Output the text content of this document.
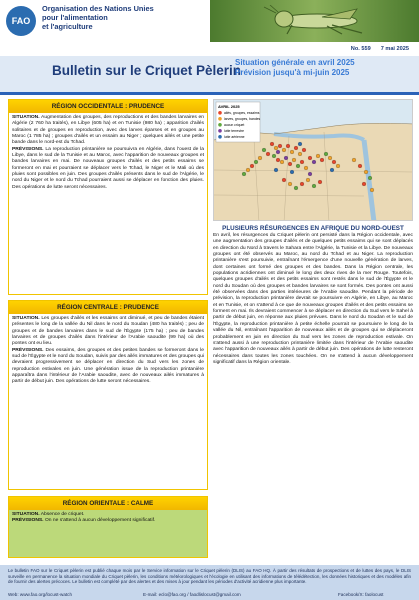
FAO
Organisation des Nations Unies
pour l'alimentation
et l'agriculture
No. 559 7 mai 2025
Bulletin sur le Criquet Pèlerin
Situation générale en avril 2025
Prévision jusqu'à mi-juin 2025
RÉGION OCCIDENTALE : PRUDENCE
SITUATION. Augmentation des groupes, des reproductions et des bandes larvaires en Algérie (2 760 ha traités), en Libye (605 ha) et en Tunisie (980 ha) ; apparition d'ailés solitaires et de groupes en reproduction, avec des larves éparses et en groupes au Maroc (1 785 ha) ; groupes d'ailés et un essaim au Niger ; quelques ailés et une petite bande dans le nord-est du Tchad.
PRÉVISIONS. La reproduction printanière se poursuivra en Algérie, dans l'ouest de la Libye, dans le sud de la Tunisie et au Maroc, avec l'apparition de nouveaux groupes et bandes larvaires en mai. De nouveaux groupes d'ailés et des petits essaims se formeront en mai et pourraient se déplacer vers le Tchad, le Niger et le Mali où des pluies sont possibles en juin. Des groupes d'ailés présents dans le sud de l'Algérie, le nord du Niger et le nord du Tchad pourraient aussi se déplacer en fonction des pluies. Des opérations de lutte seront nécessaires.
RÉGION CENTRALE : PRUDENCE
SITUATION. Les groupes d'ailés et les essaims ont diminué, et peu de bandes étaient présentes le long de la vallée du Nil dans le nord du Soudan (480 ha traités) ; peu de groupes et de bandes larvaires dans le sud de l'Égypte (175 ha) ; peu de bandes larvaires et de groupes d'ailés dans l'intérieur de l'Arabie saoudite (99 ha) où des pontes ont eu lieu.
PRÉVISIONS. Des essaims, des groupes et des petites bandes se formeront dans le sud de l'Égypte et le nord du Soudan, suivis par des ailés immatures et des groupes qui devraient progressivement se déplacer en direction du Sud vers les zones de reproduction estivales en juin. Une génération issue de la reproduction printanière apparaîtra dans l'intérieur de l'Arabie saoudite, avec de nouveaux ailés immatures à partir de début juin. Des opérations de lutte seront nécessaires.
RÉGION ORIENTALE : CALME
SITUATION. Absence de criquet.
PRÉVISIONS. On ne s'attend à aucun développement significatif.
AVRIL 2025
ailés, groupes, essaims
larves, groupes, bandes
aucun criquet
lutte terrestre
lutte aérienne
PLUSIEURS RÉSURGENCES EN AFRIQUE DU NORD-OUEST
En avril, les résurgences du Criquet pèlerin ont persisté dans la Région occidentale, avec une augmentation des groupes d'ailés et de quelques petits essaims qui se sont déplacés en direction du Nord à travers le Sahara entre l'Algérie, la Tunisie et la Libye. De nouveaux groupes ont été observés au Maroc, au nord du Tchad et au Niger. La reproduction printanière s'est poursuivie, entraînant l'émergence d'une nouvelle génération de larves, dont certaines ont formé des groupes et des bandes. Dans la Région centrale, les populations acridiennes ont diminué le long des deux rives de la mer Rouge. Toutefois, quelques groupes d'ailés et des petits essaims sont restés dans le sud de l'Égypte et le nord du Soudan où des groupes et bandes larvaires se sont formés. Des pontes ont aussi été observées dans des parties intérieures de l'Arabie saoudite. Pendant la période de prévision, la reproduction printanière devrait se poursuivre en Algérie, en Libye, au Maroc et en Tunisie, et on s'attend à ce que de nouveaux groupes d'ailés et des petits essaims se forment en mai. Ils devraient commencer à se déplacer en direction du Sud vers le Sahel à partir de début juin, en réponse aux pluies prévues. Dans le nord du Soudan et le sud de l'Égypte, la reproduction printanière à petite échelle pourrait se poursuivre le long de la vallée du Nil, entraînant l'apparition de nouveaux ailés et de groupes qui se déplaceront probablement en juin en direction du Sud vers les zones de reproduction estivale. On s'attend aussi à une reproduction printanière limitée dans l'intérieur de l'Arabie saoudite avec l'apparition de nouveaux ailés à partir de début juin. Des opérations de lutte resteront nécessaires dans toutes les zones touchées. On ne s'attend à aucun développement significatif dans la Région orientale.

Le bulletin FAO sur le Criquet pèlerin est publié chaque mois par le Service information sur le Criquet pèlerin (DLIS) au FAO HQ. À partir des résultats de prospections et de luttes des pays, le DLIS surveille en permanence la situation mondiale du Criquet pèlerin, les conditions météorologiques et l'écologie en utilisant des informations de télédétection, les données historiques et des modèles afin de fournir des alertes précoces. Le bulletin est complété par des alertes et des mises à jour pendant les périodes d'activité acridienne plus importante.

Web: www.fao.org/locust-watch	E-mail: eclo@fao.org / faodlislocust@gmail.com	Facebook/X: faolocust
